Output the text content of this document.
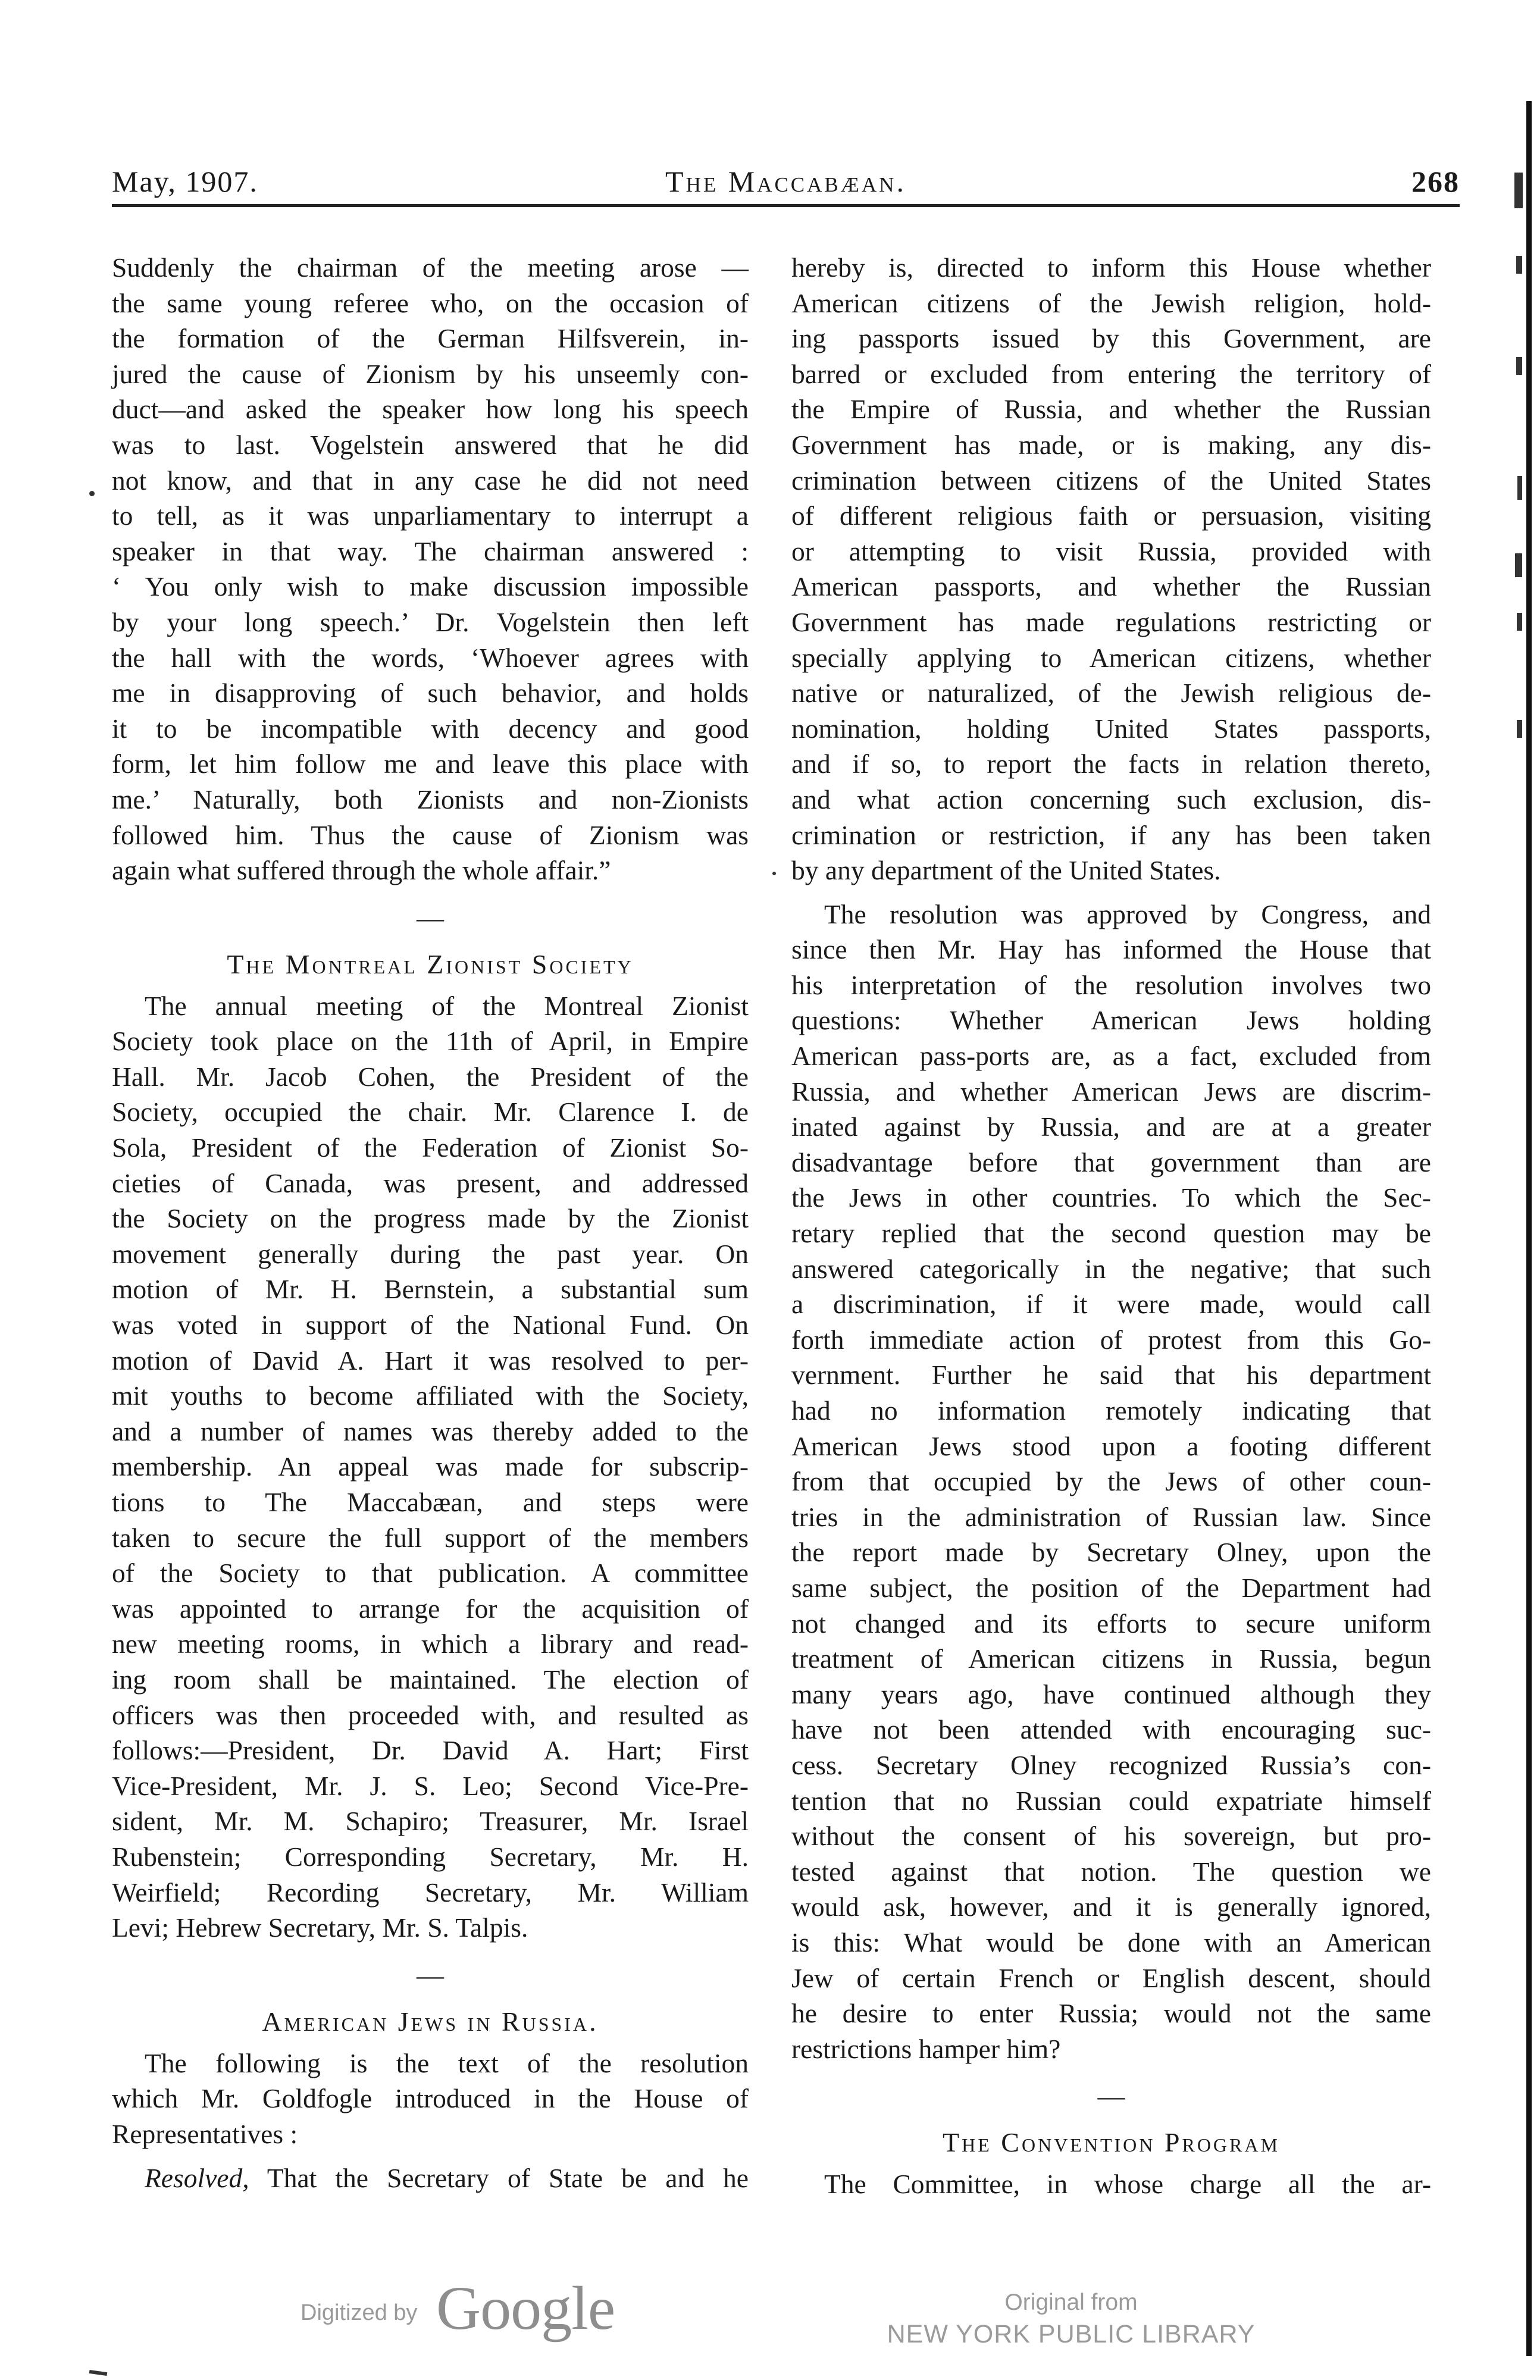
May, 1907.	The Maccabæan.	268
Suddenly the chairman of the meeting arose —
the same young referee who, on the occasion of
the formation of the German Hilfsverein, in-
jured the cause of Zionism by his unseemly con-
duct—and asked the speaker how long his speech
was to last. Vogelstein answered that he did
not know, and that in any case he did not need
to tell, as it was unparliamentary to interrupt a
speaker in that way. The chairman answered :
‘ You only wish to make discussion impossible
by your long speech.’ Dr. Vogelstein then left
the hall with the words, ‘Whoever agrees with
me in disapproving of such behavior, and holds
it to be incompatible with decency and good
form, let him follow me and leave this place with
me.’ Naturally, both Zionists and non-Zionists
followed him. Thus the cause of Zionism was
again what suffered through the whole affair.”
—
The Montreal Zionist Society
The annual meeting of the Montreal Zionist
Society took place on the 11th of April, in Empire
Hall. Mr. Jacob Cohen, the President of the
Society, occupied the chair. Mr. Clarence I. de
Sola, President of the Federation of Zionist So-
cieties of Canada, was present, and addressed
the Society on the progress made by the Zionist
movement generally during the past year. On
motion of Mr. H. Bernstein, a substantial sum
was voted in support of the National Fund. On
motion of David A. Hart it was resolved to per-
mit youths to become affiliated with the Society,
and a number of names was thereby added to the
membership. An appeal was made for subscrip-
tions to The Maccabæan, and steps were
taken to secure the full support of the members
of the Society to that publication. A committee
was appointed to arrange for the acquisition of
new meeting rooms, in which a library and read-
ing room shall be maintained. The election of
officers was then proceeded with, and resulted as
follows:—President, Dr. David A. Hart; First
Vice-President, Mr. J. S. Leo; Second Vice-Pre-
sident, Mr. M. Schapiro; Treasurer, Mr. Israel
Rubenstein; Corresponding Secretary, Mr. H.
Weirfield; Recording Secretary, Mr. William
Levi; Hebrew Secretary, Mr. S. Talpis.
—
American Jews in Russia.
The following is the text of the resolution
which Mr. Goldfogle introduced in the House of
Representatives :
Resolved, That the Secretary of State be and he
hereby is, directed to inform this House whether
American citizens of the Jewish religion, hold-
ing passports issued by this Government, are
barred or excluded from entering the territory of
the Empire of Russia, and whether the Russian
Government has made, or is making, any dis-
crimination between citizens of the United States
of different religious faith or persuasion, visiting
or attempting to visit Russia, provided with
American passports, and whether the Russian
Government has made regulations restricting or
specially applying to American citizens, whether
native or naturalized, of the Jewish religious de-
nomination, holding United States passports,
and if so, to report the facts in relation thereto,
and what action concerning such exclusion, dis-
crimination or restriction, if any has been taken
by any department of the United States.
The resolution was approved by Congress, and
since then Mr. Hay has informed the House that
his interpretation of the resolution involves two
questions: Whether American Jews holding
American pass-ports are, as a fact, excluded from
Russia, and whether American Jews are discrim-
inated against by Russia, and are at a greater
disadvantage before that government than are
the Jews in other countries. To which the Sec-
retary replied that the second question may be
answered categorically in the negative; that such
a discrimination, if it were made, would call
forth immediate action of protest from this Go-
vernment. Further he said that his department
had no information remotely indicating that
American Jews stood upon a footing different
from that occupied by the Jews of other coun-
tries in the administration of Russian law. Since
the report made by Secretary Olney, upon the
same subject, the position of the Department had
not changed and its efforts to secure uniform
treatment of American citizens in Russia, begun
many years ago, have continued although they
have not been attended with encouraging suc-
cess. Secretary Olney recognized Russia’s con-
tention that no Russian could expatriate himself
without the consent of his sovereign, but pro-
tested against that notion. The question we
would ask, however, and it is generally ignored,
is this: What would be done with an American
Jew of certain French or English descent, should
he desire to enter Russia; would not the same
restrictions hamper him?
—
The Convention Program
The Committee, in whose charge all the ar-
Digitized by Google	Original from
NEW YORK PUBLIC LIBRARY
